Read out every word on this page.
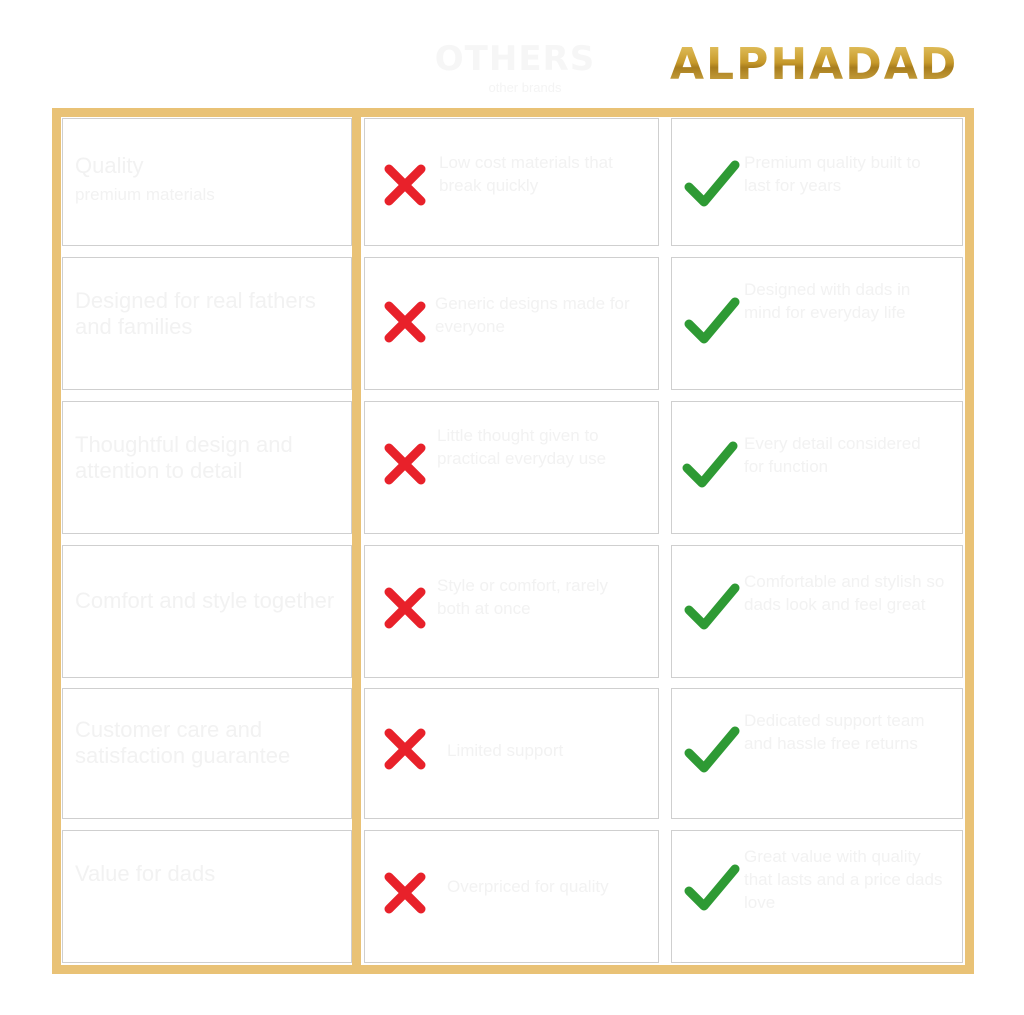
OTHERS
other brands	ALPHADAD
Quality
premium materials
Low cost materials that break quickly
Premium quality built to last for years
Designed for real fathers and families
Generic designs made for everyone
Designed with dads in mind for everyday life
Thoughtful design and attention to detail
Little thought given to practical everyday use
Every detail considered for function
Comfort and style together
Style or comfort, rarely both at once
Comfortable and stylish so dads look and feel great
Customer care and satisfaction guarantee	Limited support
Dedicated support team and hassle free returns
Value for dads
Overpriced for quality
Great value with quality that lasts and a price dads love
